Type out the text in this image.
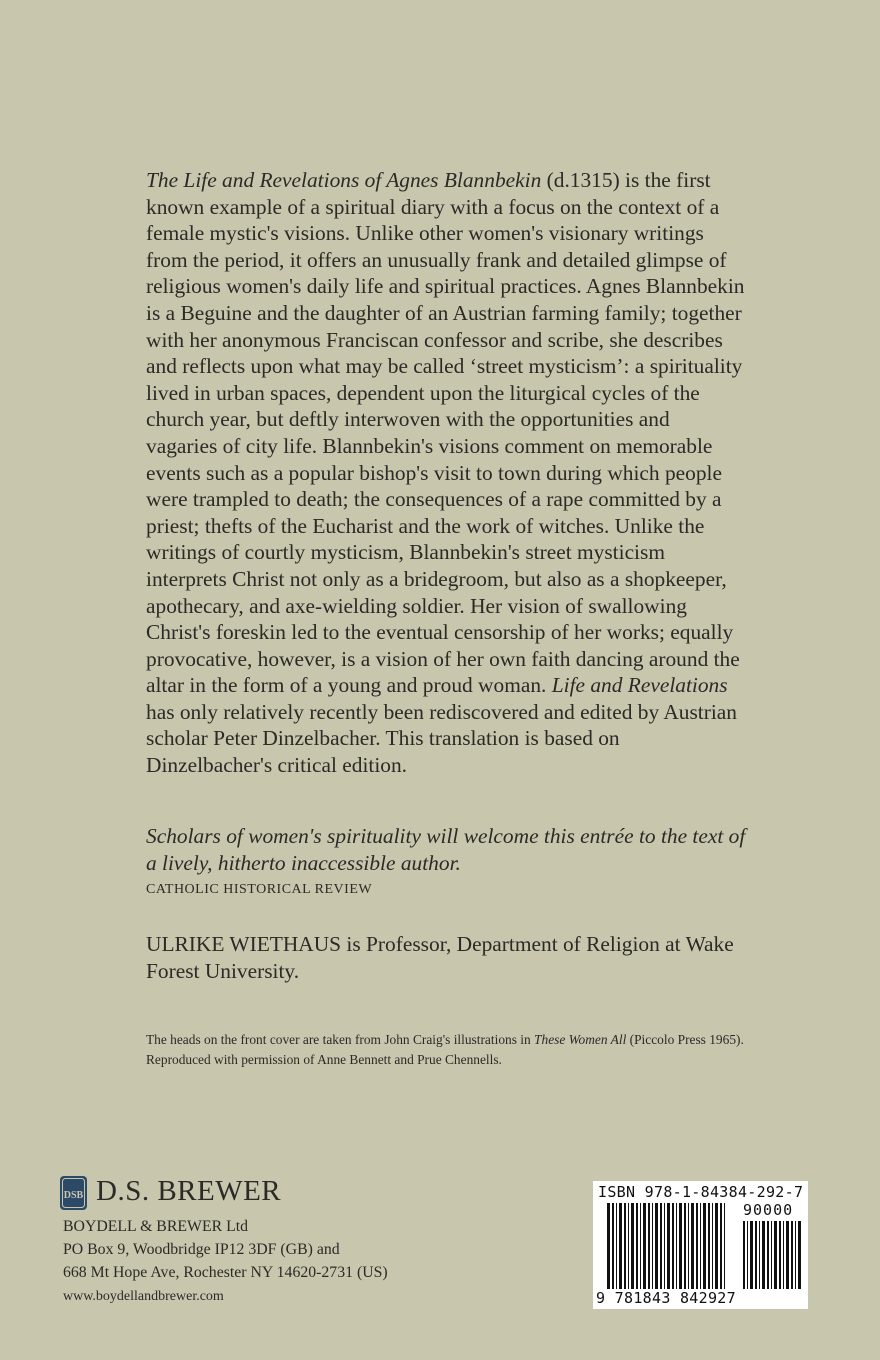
The Life and Revelations of Agnes Blannbekin (d.1315) is the first known example of a spiritual diary with a focus on the context of a female mystic's visions. Unlike other women's visionary writings from the period, it offers an unusually frank and detailed glimpse of religious women's daily life and spiritual practices. Agnes Blannbekin is a Beguine and the daughter of an Austrian farming family; together with her anonymous Franciscan confessor and scribe, she describes and reflects upon what may be called ‘street mysticism’: a spirituality lived in urban spaces, dependent upon the liturgical cycles of the church year, but deftly interwoven with the opportunities and vagaries of city life. Blannbekin's visions comment on memorable events such as a popular bishop's visit to town during which people were trampled to death; the consequences of a rape committed by a priest; thefts of the Eucharist and the work of witches. Unlike the writings of courtly mysticism, Blannbekin's street mysticism interprets Christ not only as a bridegroom, but also as a shopkeeper, apothecary, and axe-wielding soldier. Her vision of swallowing Christ's foreskin led to the eventual censorship of her works; equally provocative, however, is a vision of her own faith dancing around the altar in the form of a young and proud woman. Life and Revelations has only relatively recently been rediscovered and edited by Austrian scholar Peter Dinzelbacher. This translation is based on Dinzelbacher's critical edition.

Scholars of women's spirituality will welcome this entrée to the text of a lively, hitherto inaccessible author.
CATHOLIC HISTORICAL REVIEW
ULRIKE WIETHAUS is Professor, Department of Religion at Wake Forest University.
The heads on the front cover are taken from John Craig's illustrations in These Women All (Piccolo Press 1965). Reproduced with permission of Anne Bennett and Prue Chennells.
DSB D.S. BREWER
BOYDELL & BREWER Ltd
PO Box 9, Woodbridge IP12 3DF (GB) and
668 Mt Hope Ave, Rochester NY 14620-2731 (US)
www.boydellandbrewer.com
ISBN 978-1-84384-292-7
90000
9 781843 842927
